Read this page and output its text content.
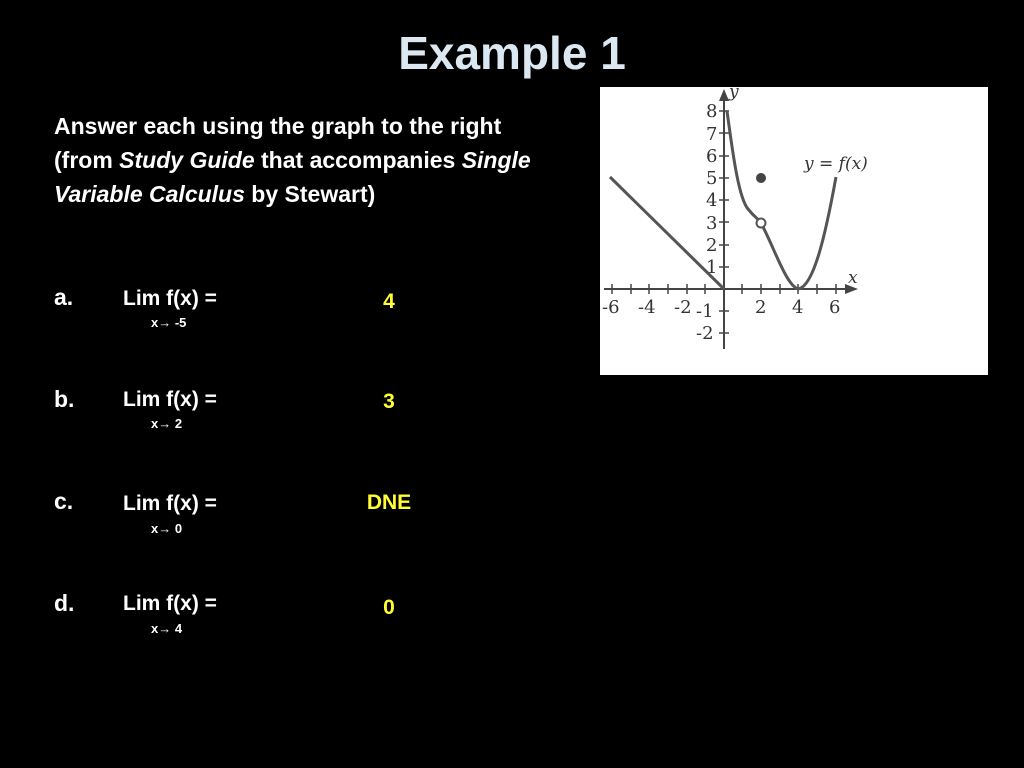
Example 1
Answer each using the graph to the right (from Study Guide that accompanies Single Variable Calculus by Stewart)
a. Lim f(x) =
x→ -5
4
b. Lim f(x) =
x→ 2
3
c. Lim f(x) =
x→ 0
DNE
d. Lim f(x) =
x→ 4
0
-6 -4 -2	2 4 6
1
2
3
4
5
6
7
8
-1
-2
x
y
y = f(x)
